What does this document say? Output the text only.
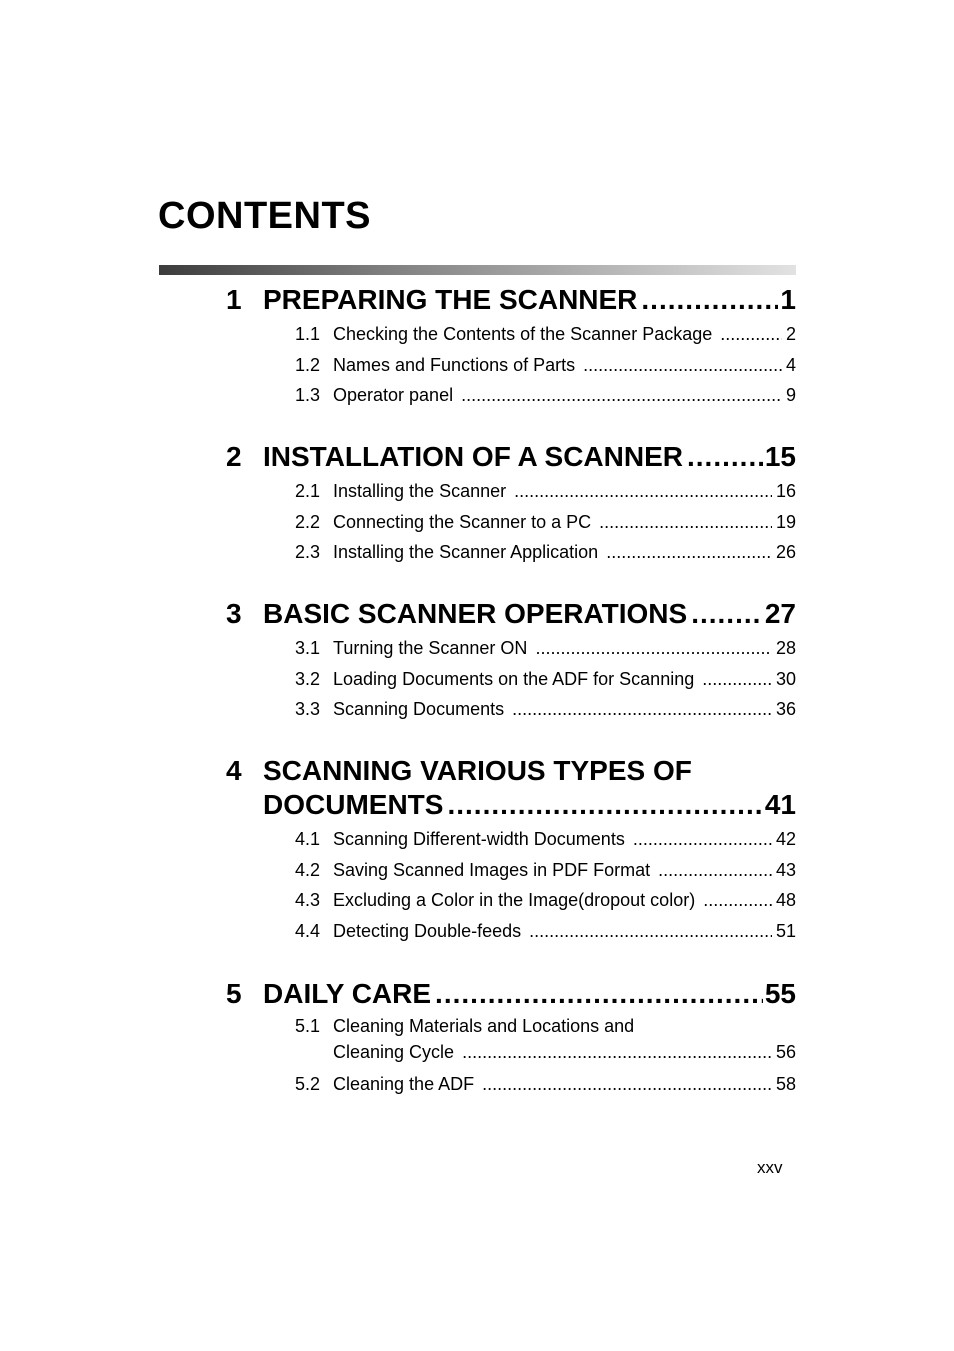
CONTENTS
1 PREPARING THE SCANNER .....	1
1.1 Checking the Contents of the Scanner Package .....	2
1.2 Names and Functions of Parts .....	4
1.3 Operator panel .....	9
2 INSTALLATION OF A SCANNER .....	15
2.1 Installing the Scanner .....	16
2.2 Connecting the Scanner to a PC .....	19
2.3 Installing the Scanner Application .....	26
3 BASIC SCANNER OPERATIONS .....	27
3.1 Turning the Scanner ON .....	28
3.2 Loading Documents on the ADF for Scanning .....	30
3.3 Scanning Documents .....	36
4 SCANNING VARIOUS TYPES OF
DOCUMENTS .....	41
4.1 Scanning Different-width Documents .....	42
4.2 Saving Scanned Images in PDF Format .....	43
4.3 Excluding a Color in the Image(dropout color) .....	48
4.4 Detecting Double-feeds .....	51
5 DAILY CARE .....	55
5.1 Cleaning Materials and Locations and
Cleaning Cycle .....	56
5.2 Cleaning the ADF .....	58
xxv
